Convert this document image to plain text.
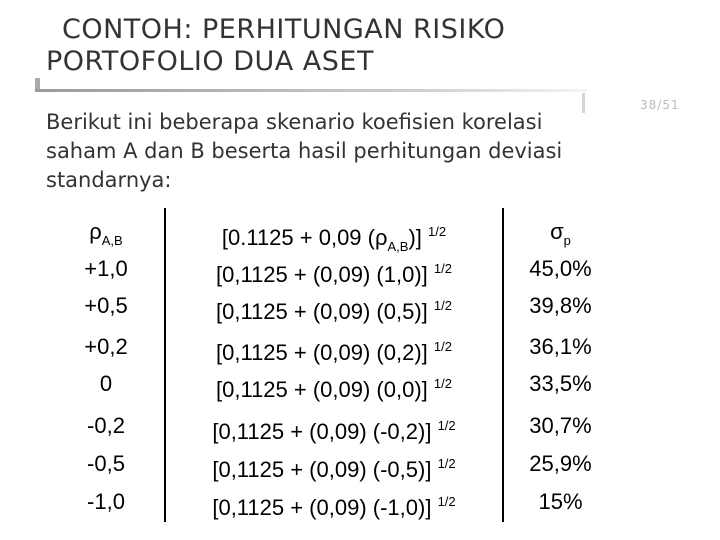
CONTOH: PERHITUNGAN RISIKO
PORTOFOLIO DUA ASET
38/51
Berikut ini beberapa skenario koefisien korelasi
saham A dan B beserta hasil perhitungan deviasi
standarnya:
$\rho_{A,B}$	[0.1125 + 0,09 $(\rho_{A,B})$] $^{1/2}$	$\sigma_p$
+1,0	[0,1125 + (0,09) (1,0)] $^{1/2}$	45,0%
+0,5	[0,1125 + (0,09) (0,5)] $^{1/2}$	39,8%
+0,2	[0,1125 + (0,09) (0,2)] $^{1/2}$	36,1%
0	[0,1125 + (0,09) (0,0)] $^{1/2}$	33,5%
-0,2	[0,1125 + (0,09) (-0,2)] $^{1/2}$	30,7%
-0,5	[0,1125 + (0,09) (-0,5)] $^{1/2}$	25,9%
-1,0	[0,1125 + (0,09) (-1,0)] $^{1/2}$	15%
